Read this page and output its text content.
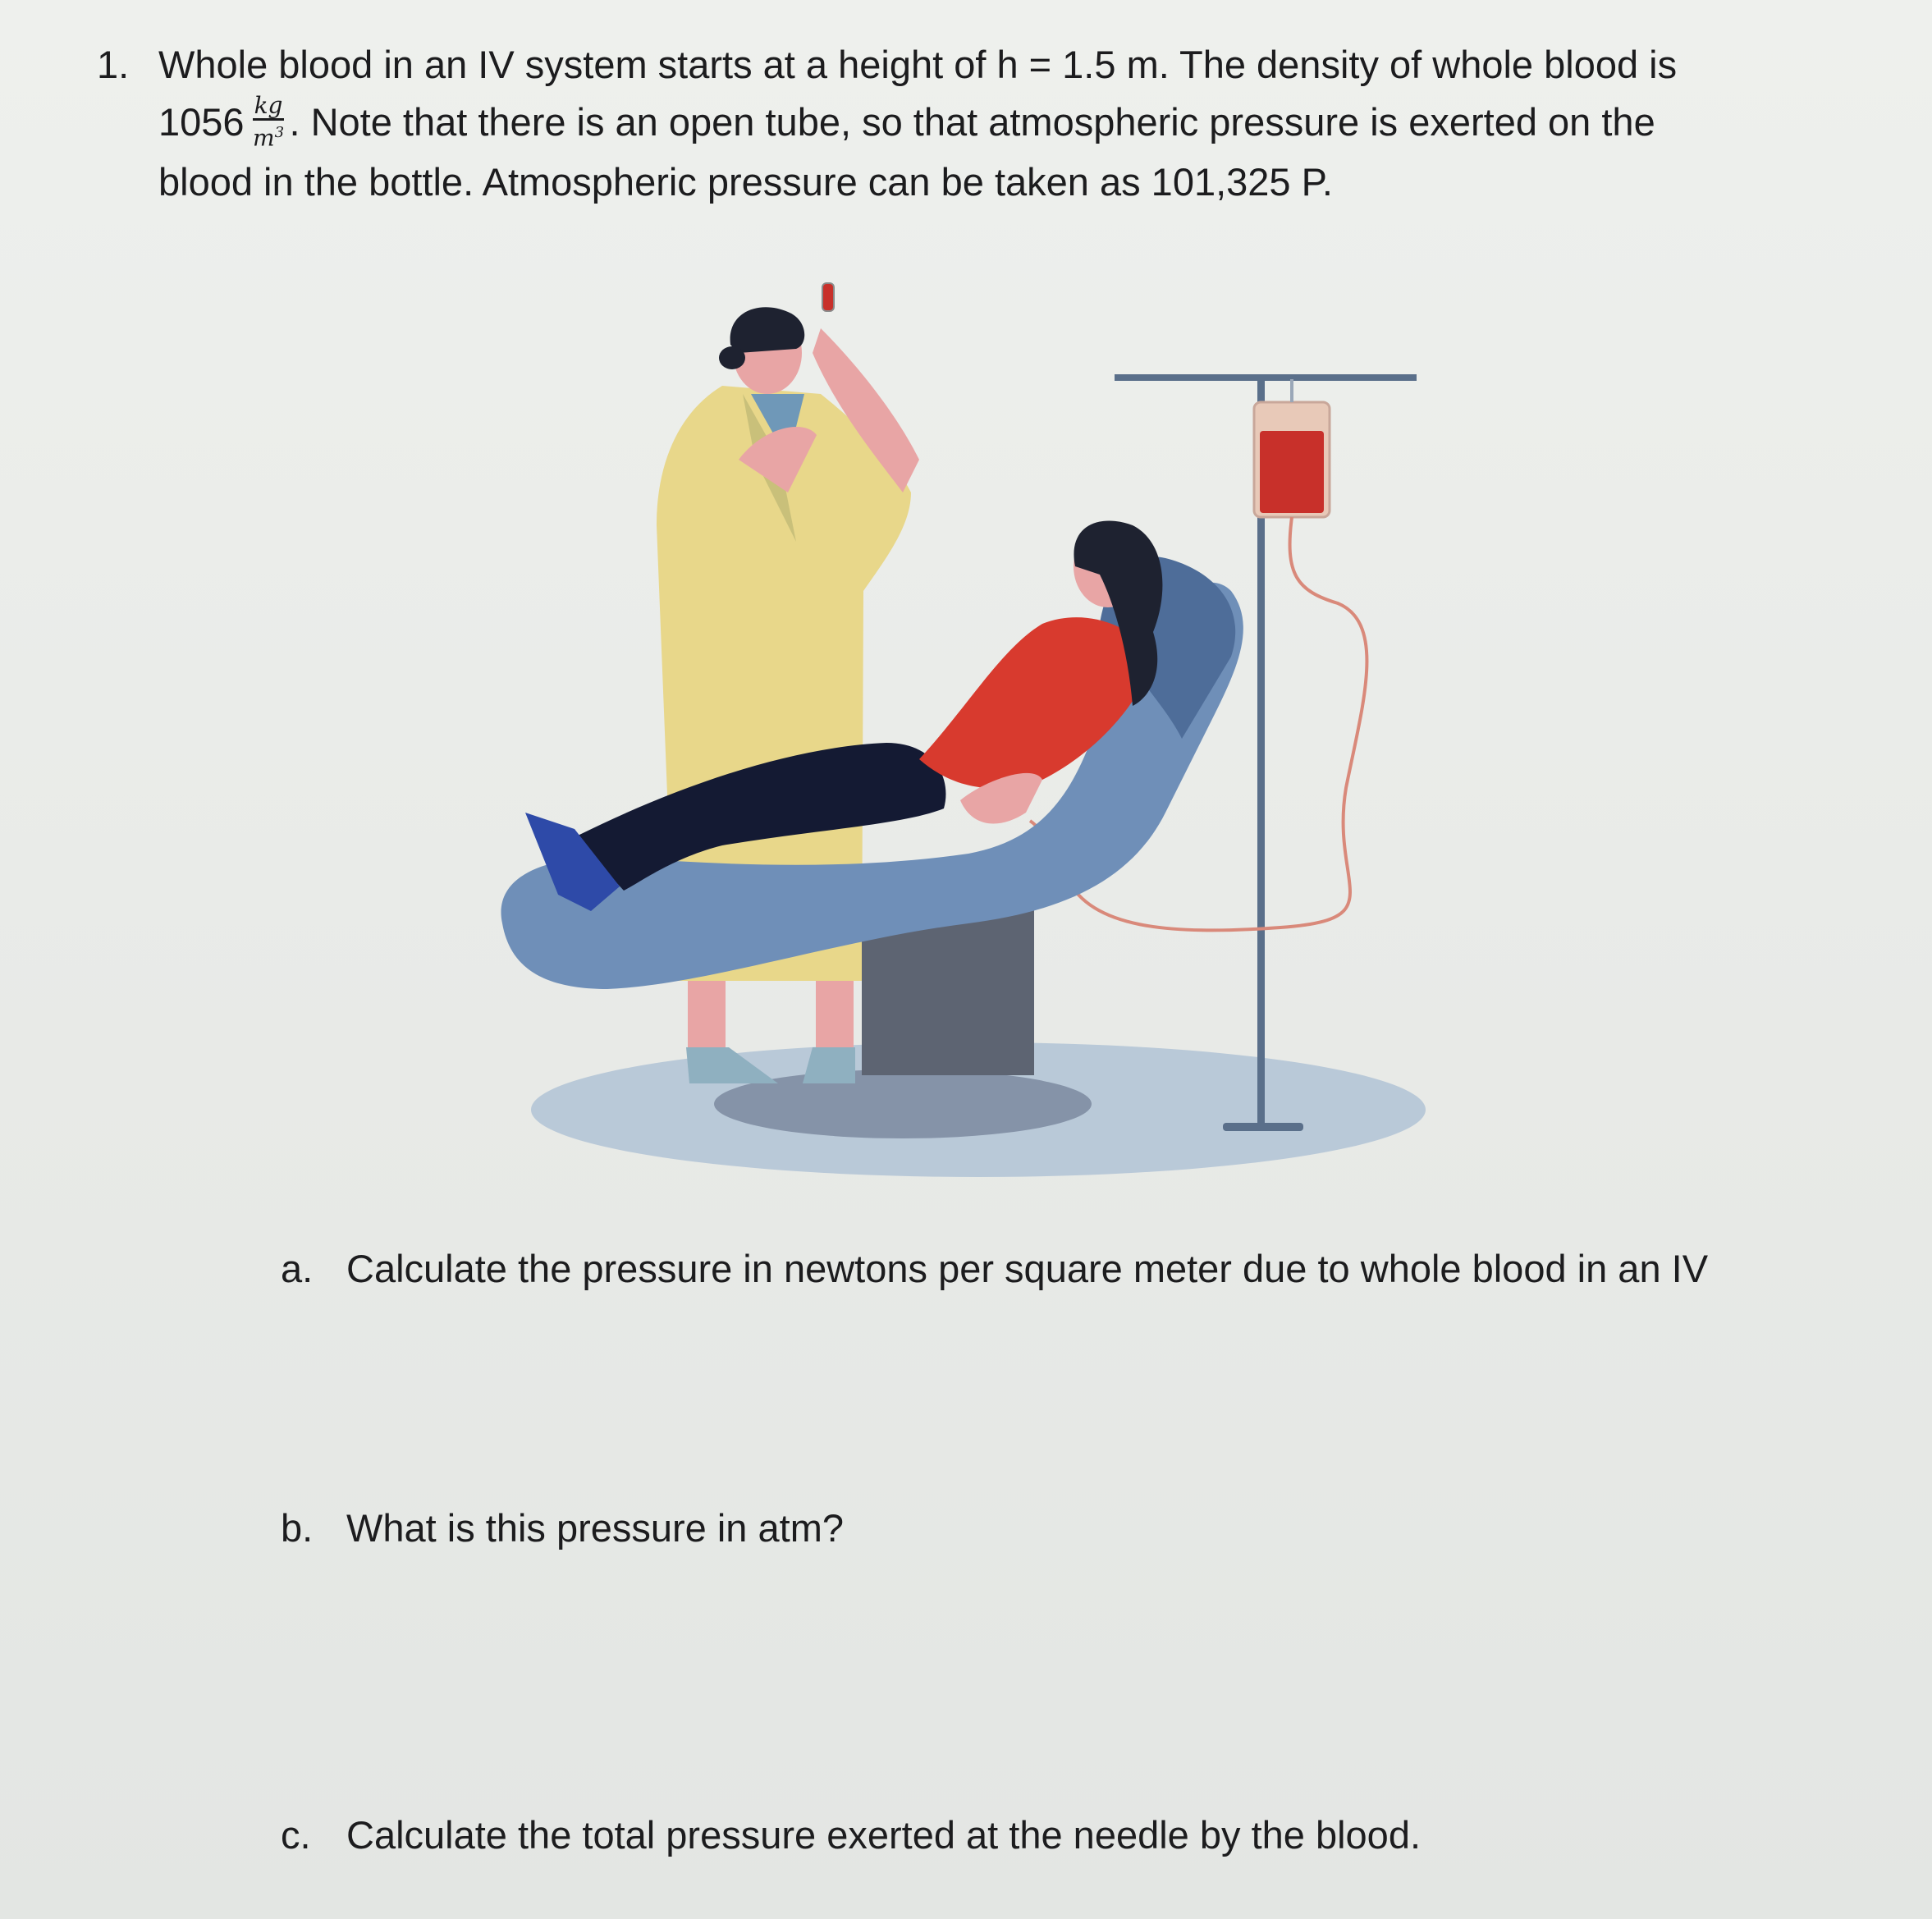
1. Whole blood in an IV system starts at a height of h = 1.5 m. The density of whole blood is
$1056 \frac{kg}{m^3}$ . Note that there is an open tube, so that atmospheric pressure is exerted on the
blood in the bottle. Atmospheric pressure can be taken as 101,325 P.
a. Calculate the pressure in newtons per square meter due to whole blood in an IV
b. What is this pressure in atm?
c. Calculate the total pressure exerted at the needle by the blood.
